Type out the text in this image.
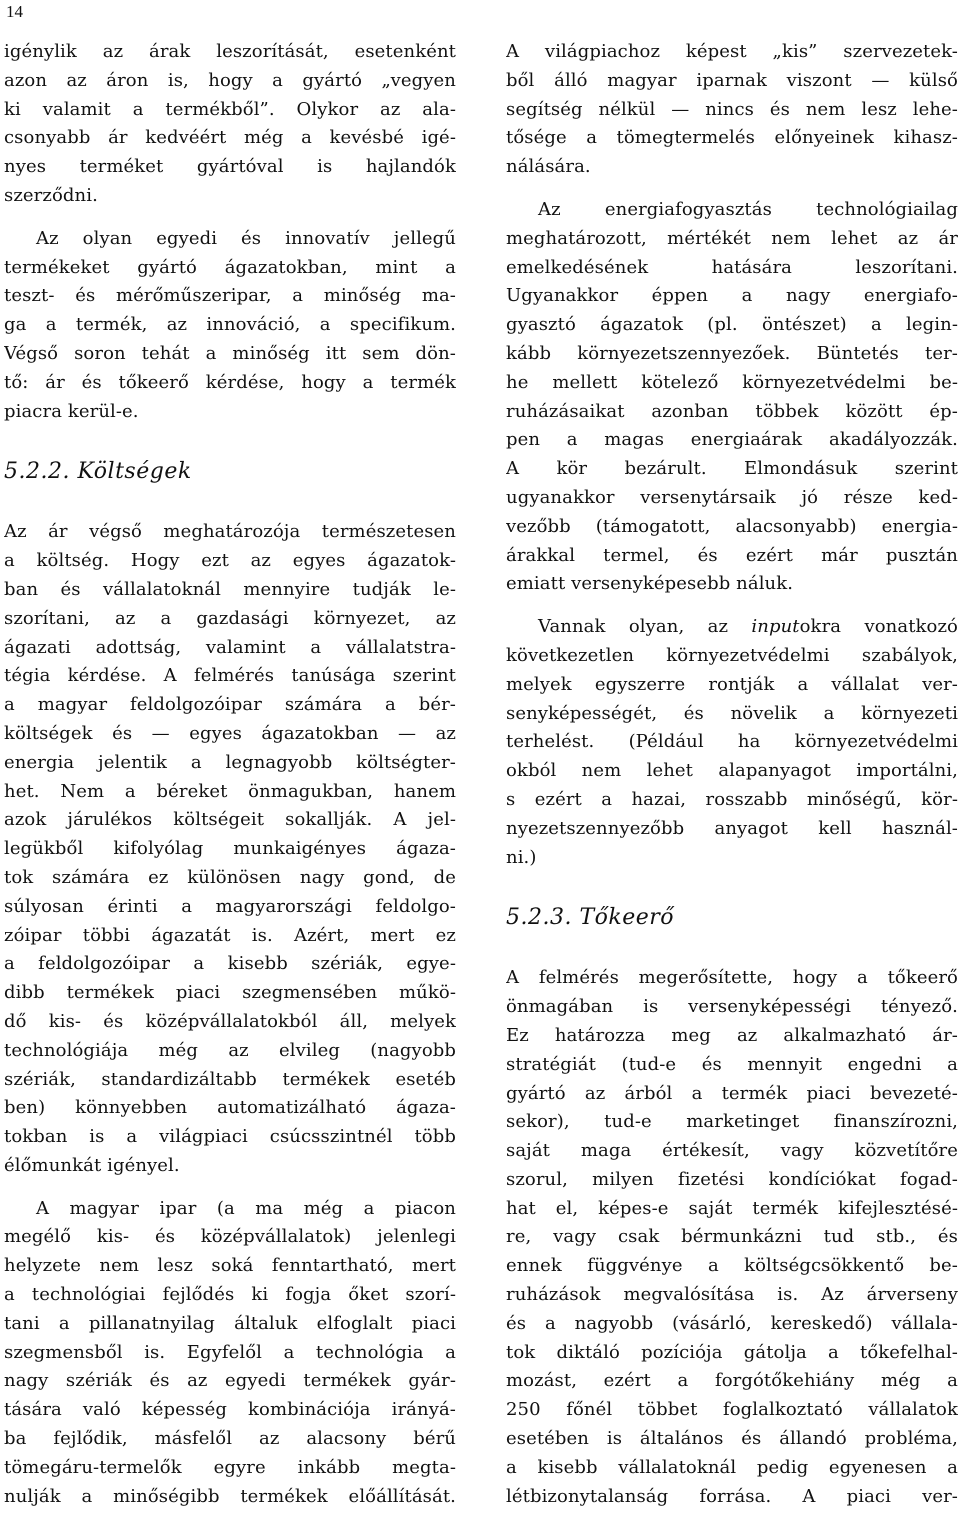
14
igénylik az árak leszorítását, esetenként
azon az áron is, hogy a gyártó „vegyen
ki valamit a termékből”. Olykor az ala-
csonyabb ár kedvéért még a kevésbé igé-
nyes terméket gyártóval is hajlandók
szerződni.
Az olyan egyedi és innovatív jellegű
termékeket gyártó ágazatokban, mint a
teszt- és mérőműszeripar, a minőség ma-
ga a termék, az innováció, a specifikum.
Végső soron tehát a minőség itt sem dön-
tő: ár és tőkeerő kérdése, hogy a termék
piacra kerül-e.
5.2.2. Költségek
Az ár végső meghatározója természetesen
a költség. Hogy ezt az egyes ágazatok-
ban és vállalatoknál mennyire tudják le-
szorítani, az a gazdasági környezet, az
ágazati adottság, valamint a vállalatstra-
tégia kérdése. A felmérés tanúsága szerint
a magyar feldolgozóipar számára a bér-
költségek és — egyes ágazatokban — az
energia jelentik a legnagyobb költségter-
het. Nem a béreket önmagukban, hanem
azok járulékos költségeit sokallják. A jel-
legükből kifolyólag munkaigényes ágaza-
tok számára ez különösen nagy gond, de
súlyosan érinti a magyarországi feldolgo-
zóipar többi ágazatát is. Azért, mert ez
a feldolgozóipar a kisebb szériák, egye-
dibb termékek piaci szegmensében műkö-
dő kis- és középvállalatokból áll, melyek
technológiája még az elvileg (nagyobb
szériák, standardizáltabb termékek esetéb
ben) könnyebben automatizálható ágaza-
tokban is a világpiaci csúcsszintnél több
élőmunkát igényel.
A magyar ipar (a ma még a piacon
megélő kis- és középvállalatok) jelenlegi
helyzete nem lesz soká fenntartható, mert
a technológiai fejlődés ki fogja őket szorí-
tani a pillanatnyilag általuk elfoglalt piaci
szegmensből is. Egyfelől a technológia a
nagy szériák és az egyedi termékek gyár-
tására való képesség kombinációja irányá-
ba fejlődik, másfelől az alacsony bérű
tömegáru-termelők egyre inkább megta-
nulják a minőségibb termékek előállítását.
A világpiachoz képest „kis” szervezetek-
ből álló magyar iparnak viszont — külső
segítség nélkül — nincs és nem lesz lehe-
tősége a tömegtermelés előnyeinek kihasz-
nálására.
Az energiafogyasztás technológiailag
meghatározott, mértékét nem lehet az ár
emelkedésének hatására leszorítani.
Ugyanakkor éppen a nagy energiafo-
gyasztó ágazatok (pl. öntészet) a legin-
kább környezetszennyezőek. Büntetés ter-
he mellett kötelező környezetvédelmi be-
ruházásaikat azonban többek között ép-
pen a magas energiaárak akadályozzák.
A kör bezárult. Elmondásuk szerint
ugyanakkor versenytársaik jó része ked-
vezőbb (támogatott, alacsonyabb) energia-
árakkal termel, és ezért már pusztán
emiatt versenyképesebb náluk.
Vannak olyan, az inputokra vonatkozó
következetlen környezetvédelmi szabályok,
melyek egyszerre rontják a vállalat ver-
senyképességét, és növelik a környezeti
terhelést. (Például ha környezetvédelmi
okból nem lehet alapanyagot importálni,
s ezért a hazai, rosszabb minőségű, kör-
nyezetszennyezőbb anyagot kell használ-
ni.)
5.2.3. Tőkeerő
A felmérés megerősítette, hogy a tőkeerő
önmagában is versenyképességi tényező.
Ez határozza meg az alkalmazható ár-
stratégiát (tud-e és mennyit engedni a
gyártó az árból a termék piaci bevezeté-
sekor), tud-e marketinget finanszírozni,
saját maga értékesít, vagy közvetítőre
szorul, milyen fizetési kondíciókat fogad-
hat el, képes-e saját termék kifejlesztésé-
re, vagy csak bérmunkázni tud stb., és
ennek függvénye a költségcsökkentő be-
ruházások megvalósítása is. Az árverseny
és a nagyobb (vásárló, kereskedő) vállala-
tok diktáló pozíciója gátolja a tőkefelhal-
mozást, ezért a forgótőkehiány még a
250 főnél többet foglalkoztató vállalatok
esetében is általános és állandó probléma,
a kisebb vállalatoknál pedig egyenesen a
létbizonytalanság forrása. A piaci ver-
